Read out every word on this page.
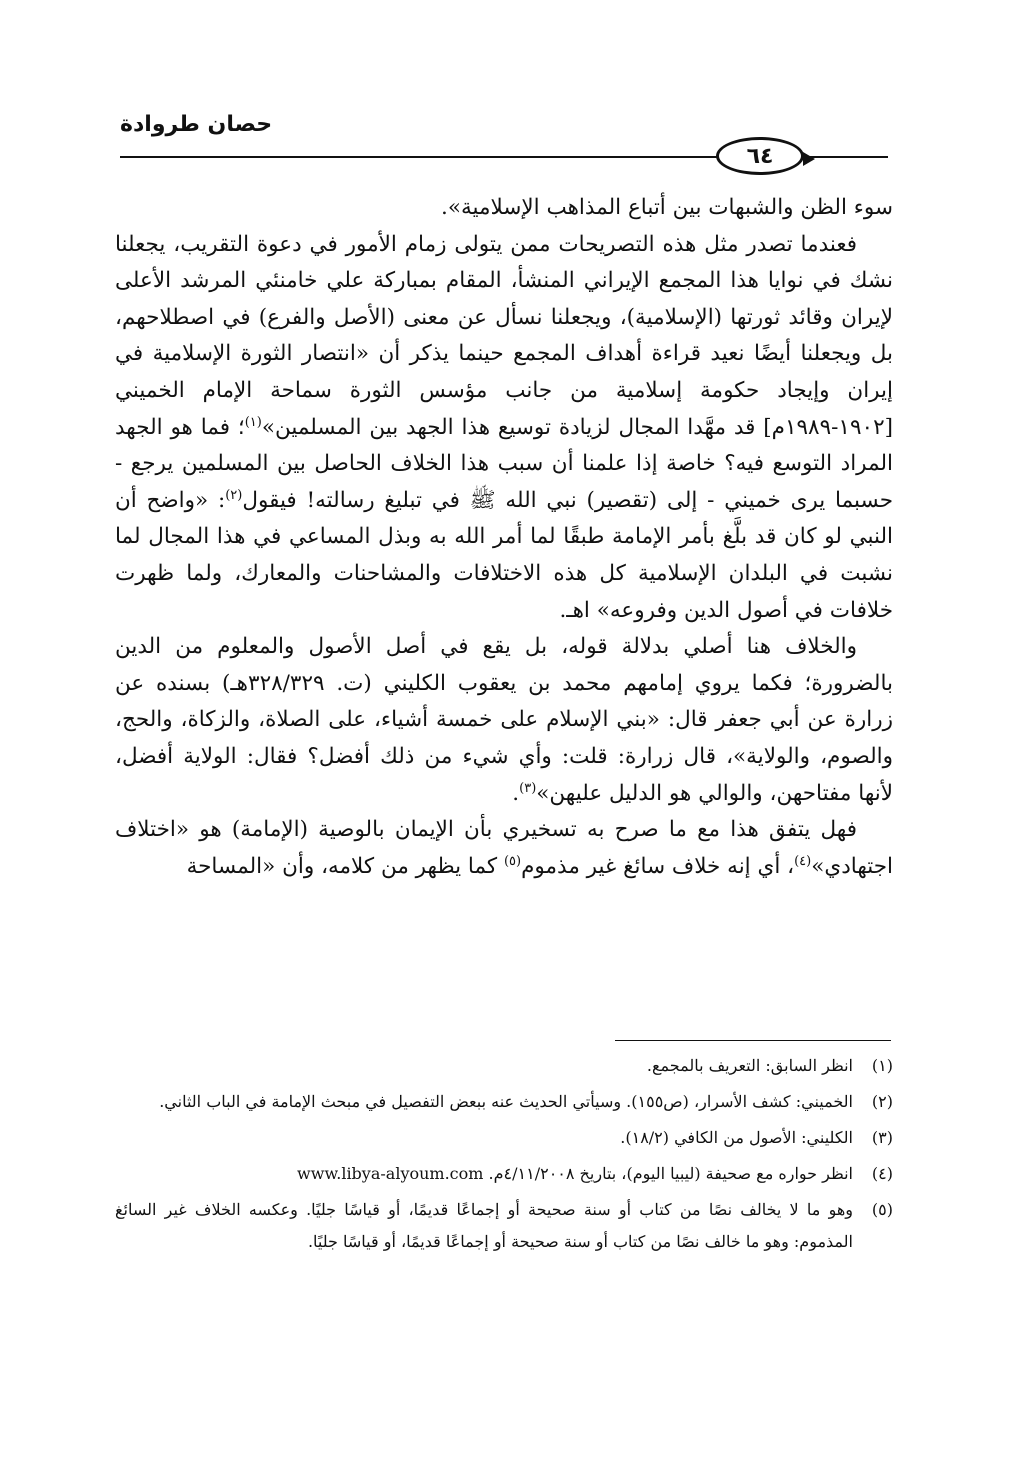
حصان طروادة
٦٤

سوء الظن والشبهات بين أتباع المذاهب الإسلامية».

فعندما تصدر مثل هذه التصريحات ممن يتولى زمام الأمور في دعوة التقريب، يجعلنا نشك في نوايا هذا المجمع الإيراني المنشأ، المقام بمباركة علي خامنئي المرشد الأعلى لإيران وقائد ثورتها (الإسلامية)، ويجعلنا نسأل عن معنى (الأصل والفرع) في اصطلاحهم، بل ويجعلنا أيضًا نعيد قراءة أهداف المجمع حينما يذكر أن «انتصار الثورة الإسلامية في إيران وإيجاد حكومة إسلامية من جانب مؤسس الثورة سماحة الإمام الخميني [١٩٠٢-١٩٨٩م] قد مهَّدا المجال لزيادة توسيع هذا الجهد بين المسلمين»$^{(١)}$؛ فما هو الجهد المراد التوسع فيه؟ خاصة إذا علمنا أن سبب هذا الخلاف الحاصل بين المسلمين يرجع - حسبما يرى خميني - إلى (تقصير) نبي الله ﷺ في تبليغ رسالته! فيقول$^{(٢)}$: «واضح أن النبي لو كان قد بلَّغ بأمر الإمامة طبقًا لما أمر الله به وبذل المساعي في هذا المجال لما نشبت في البلدان الإسلامية كل هذه الاختلافات والمشاحنات والمعارك، ولما ظهرت خلافات في أصول الدين وفروعه» اهـ.

والخلاف هنا أصلي بدلالة قوله، بل يقع في أصل الأصول والمعلوم من الدين بالضرورة؛ فكما يروي إمامهم محمد بن يعقوب الكليني (ت. ٣٢٨/٣٢٩هـ) بسنده عن زرارة عن أبي جعفر قال: «بني الإسلام على خمسة أشياء، على الصلاة، والزكاة، والحج، والصوم، والولاية»، قال زرارة: قلت: وأي شيء من ذلك أفضل؟ فقال: الولاية أفضل، لأنها مفتاحهن، والوالي هو الدليل عليهن»$^{(٣)}$.

فهل يتفق هذا مع ما صرح به تسخيري بأن الإيمان بالوصية (الإمامة) هو «اختلاف اجتهادي»$^{(٤)}$، أي إنه خلاف سائغ غير مذموم$^{(٥)}$ كما يظهر من كلامه، وأن «المساحة

(١)
انظر السابق: التعريف بالمجمع.
(٢)
الخميني: كشف الأسرار، (ص١٥٥). وسيأتي الحديث عنه ببعض التفصيل في مبحث الإمامة في الباب الثاني.
(٣)
الكليني: الأصول من الكافي (١٨/٢).
(٤)
انظر حواره مع صحيفة (ليبيا اليوم)، بتاريخ ٤/١١/٢٠٠٨م. www.libya-alyoum.com
(٥)
وهو ما لا يخالف نصًا من كتاب أو سنة صحيحة أو إجماعًا قديمًا، أو قياسًا جليًا. وعكسه الخلاف غير السائغ المذموم: وهو ما خالف نصًا من كتاب أو سنة صحيحة أو إجماعًا قديمًا، أو قياسًا جليًا.
